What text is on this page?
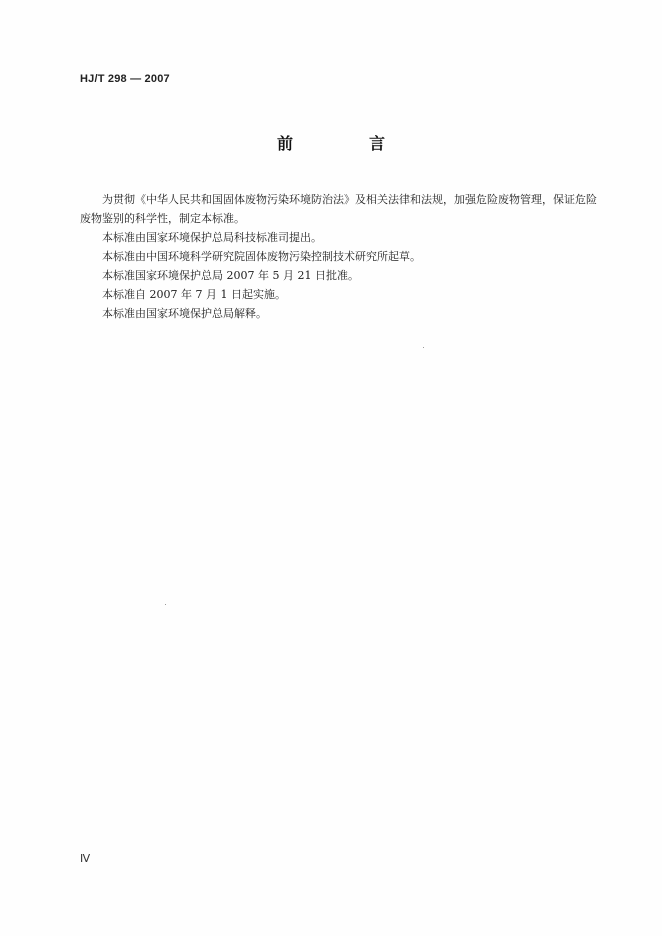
HJ/T 298 — 2007
前　言

为贯彻《中华人民共和国固体废物污染环境防治法》及相关法律和法规，加强危险废物管理，保证危险废物鉴别的科学性，制定本标准。

本标准由国家环境保护总局科技标准司提出。

本标准由中国环境科学研究院固体废物污染控制技术研究所起草。

本标准国家环境保护总局 2007 年 5 月 21 日批准。

本标准自 2007 年 7 月 1 日起实施。

本标准由国家环境保护总局解释。

Ⅳ
